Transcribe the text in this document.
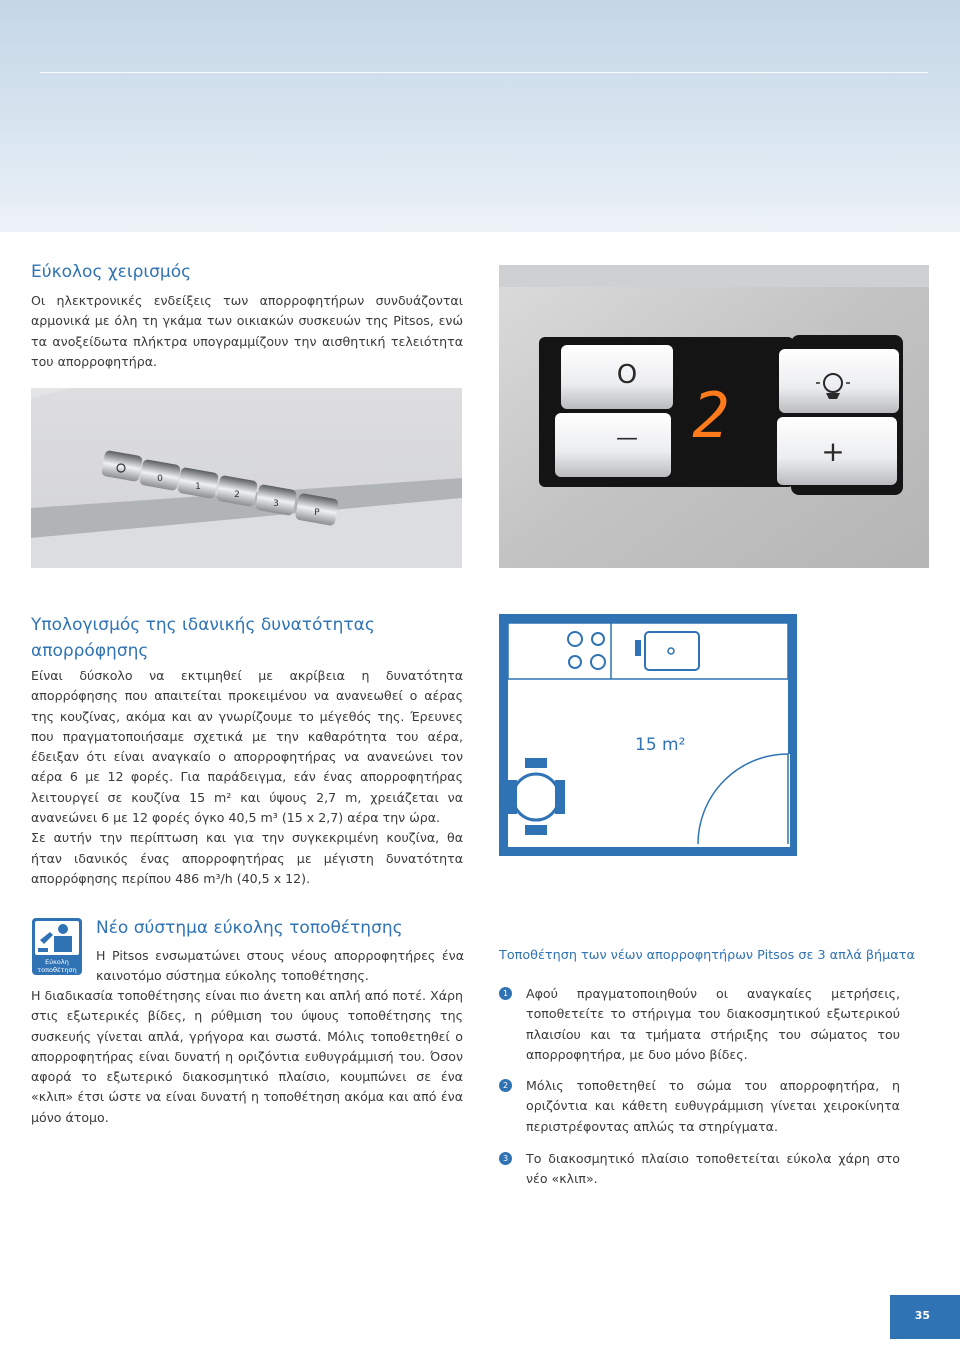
Εύκολος χειρισμός

Οι ηλεκτρονικές ενδείξεις των απορροφητήρων συνδυάζονται αρμονικά με όλη τη γκάμα των οικιακών συσκευών της Pitsos, ενώ τα ανοξείδωτα πλήκτρα υπογραμμίζουν την αισθητική τελειότητα του απορροφητήρα.	O
— 2	+
0
1
2
3
P
Υπολογισμός της ιδανικής δυνατότητας απορρόφησης

Είναι δύσκολο να εκτιμηθεί με ακρίβεια η δυνατότητα απορρόφησης που απαιτείται προκειμένου να ανανεωθεί ο αέρας της κουζίνας, ακόμα και αν γνωρίζουμε το μέγεθός της. Έρευνες που πραγματοποιήσαμε σχετικά με την καθαρότητα του αέρα, έδειξαν ότι είναι αναγκαίο ο απορροφητήρας να ανανεώνει τον αέρα 6 με 12 φορές. Για παράδειγμα, εάν ένας απορροφητήρας λειτουργεί σε κουζίνα 15 m² και ύψους 2,7 m, χρειάζεται να ανανεώνει 6 με 12 φορές όγκο 40,5 m³ (15 x 2,7) αέρα την ώρα.

Σε αυτήν την περίπτωση και για την συγκεκριμένη κουζίνα, θα ήταν ιδανικός ένας απορροφητήρας με μέγιστη δυνατότητα απορρόφησης περίπου 486 m³/h (40,5 x 12).

15 m²
Εύκολη
τοποθέτηση
Νέο σύστημα εύκολης τοποθέτησης

Η Pitsos ενσωματώνει στους νέους απορροφητήρες ένα καινοτόμο σύστημα εύκολης τοποθέτησης.

Η διαδικασία τοποθέτησης είναι πιο άνετη και απλή από ποτέ. Χάρη στις εξωτερικές βίδες, η ρύθμιση του ύψους τοποθέτησης της συσκευής γίνεται απλά, γρήγορα και σωστά. Μόλις τοποθετηθεί ο απορροφητήρας είναι δυνατή η οριζόντια ευθυγράμμισή του. Όσον αφορά το εξωτερικό διακοσμητικό πλαίσιο, κουμπώνει σε ένα «κλιπ» έτσι ώστε να είναι δυνατή η τοποθέτηση ακόμα και από ένα μόνο άτομο.

Τοποθέτηση των νέων απορροφητήρων Pitsos σε 3 απλά βήματα
1	Αφού πραγματοποιηθούν οι αναγκαίες μετρήσεις, τοποθετείτε το στήριγμα του διακοσμητικού εξωτερικού πλαισίου και τα τμήματα στήριξης του σώματος του απορροφητήρα, με δυο μόνο βίδες.

2	Μόλις τοποθετηθεί το σώμα του απορροφητήρα, η οριζόντια και κάθετη ευθυγράμμιση γίνεται χειροκίνητα περιστρέφοντας απλώς τα στηρίγματα.

3	Το διακοσμητικό πλαίσιο τοποθετείται εύκολα χάρη στο νέο «κλιπ».

35
